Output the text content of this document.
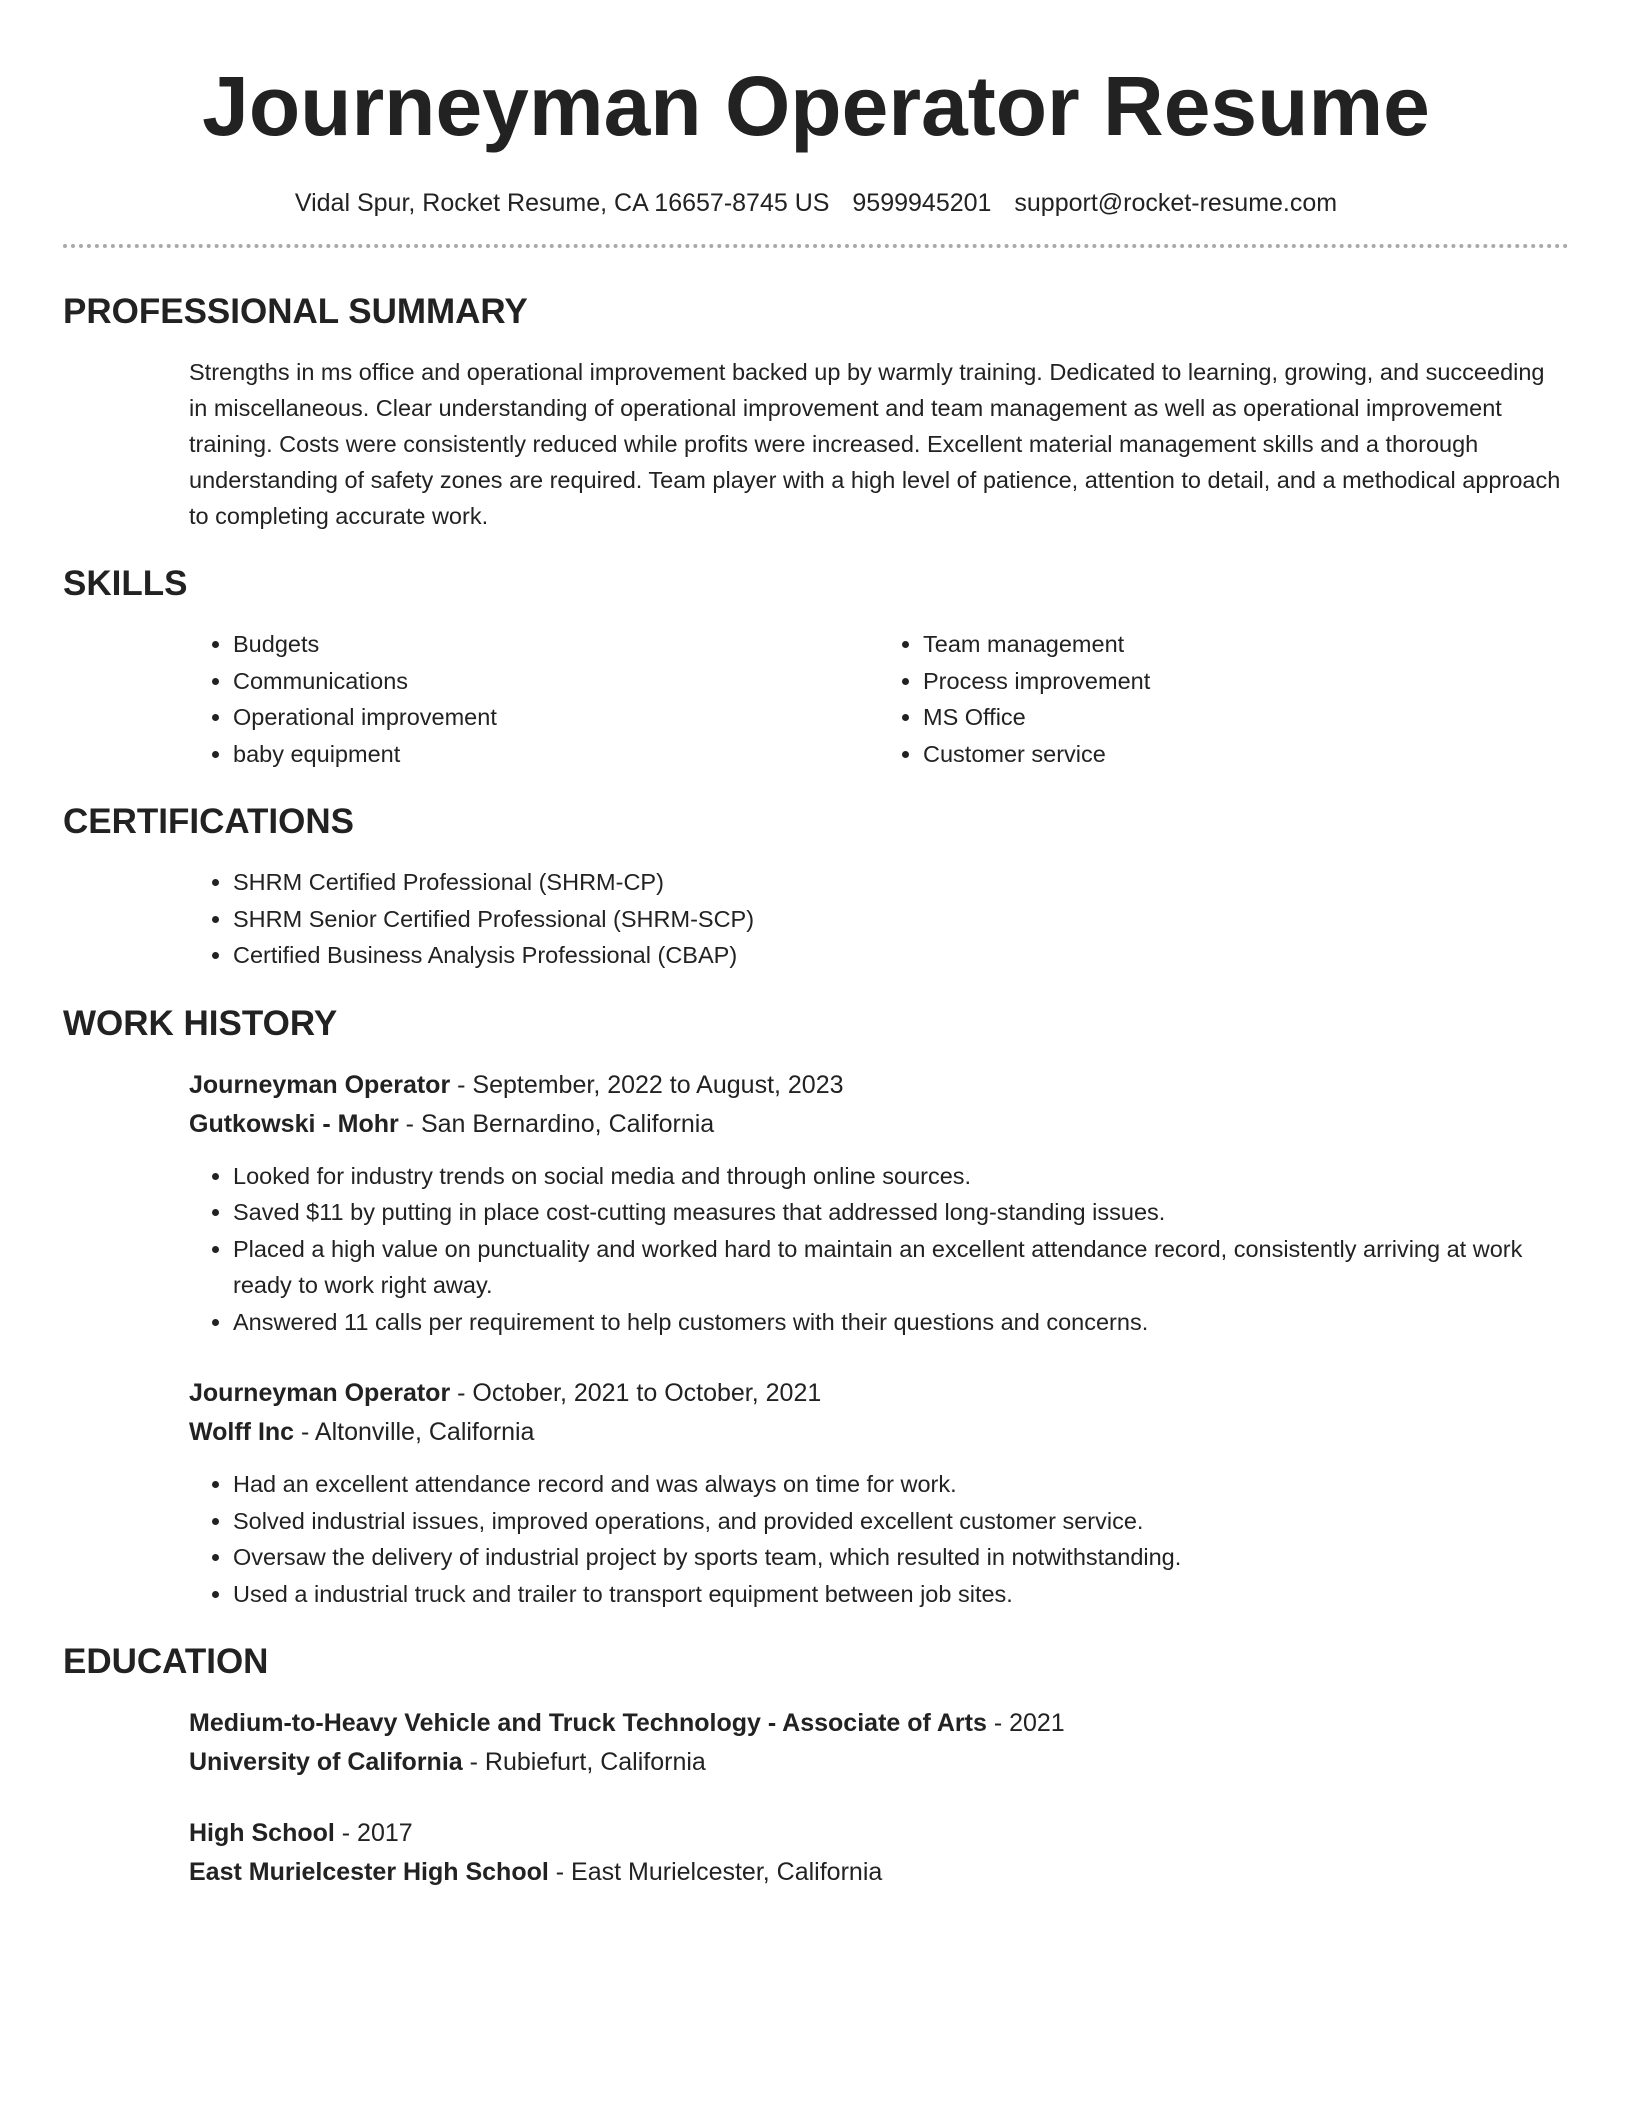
Journeyman Operator Resume
Vidal Spur, Rocket Resume, CA 16657-8745 US 9599945201 support@rocket-resume.com
PROFESSIONAL SUMMARY

Strengths in ms office and operational improvement backed up by warmly training. Dedicated to learning, growing, and succeeding in miscellaneous. Clear understanding of operational improvement and team management as well as operational improvement training. Costs were consistently reduced while profits were increased. Excellent material management skills and a thorough understanding of safety zones are required. Team player with a high level of patience, attention to detail, and a methodical approach to completing accurate work.

SKILLS
• Budgets
• Communications
• Operational improvement
• baby equipment
• Team management
• Process improvement
• MS Office
• Customer service
CERTIFICATIONS
• SHRM Certified Professional (SHRM-CP)
• SHRM Senior Certified Professional (SHRM-SCP)
• Certified Business Analysis Professional (CBAP)
WORK HISTORY
Journeyman Operator - September, 2022 to August, 2023
Gutkowski - Mohr - San Bernardino, California
• Looked for industry trends on social media and through online sources.
• Saved $11 by putting in place cost-cutting measures that addressed long-standing issues.
• Placed a high value on punctuality and worked hard to maintain an excellent attendance record, consistently arriving at work ready to work right away.
• Answered 11 calls per requirement to help customers with their questions and concerns.
Journeyman Operator - October, 2021 to October, 2021
Wolff Inc - Altonville, California
• Had an excellent attendance record and was always on time for work.
• Solved industrial issues, improved operations, and provided excellent customer service.
• Oversaw the delivery of industrial project by sports team, which resulted in notwithstanding.
• Used a industrial truck and trailer to transport equipment between job sites.
EDUCATION
Medium-to-Heavy Vehicle and Truck Technology - Associate of Arts - 2021
University of California - Rubiefurt, California
High School - 2017
East Murielcester High School - East Murielcester, California
